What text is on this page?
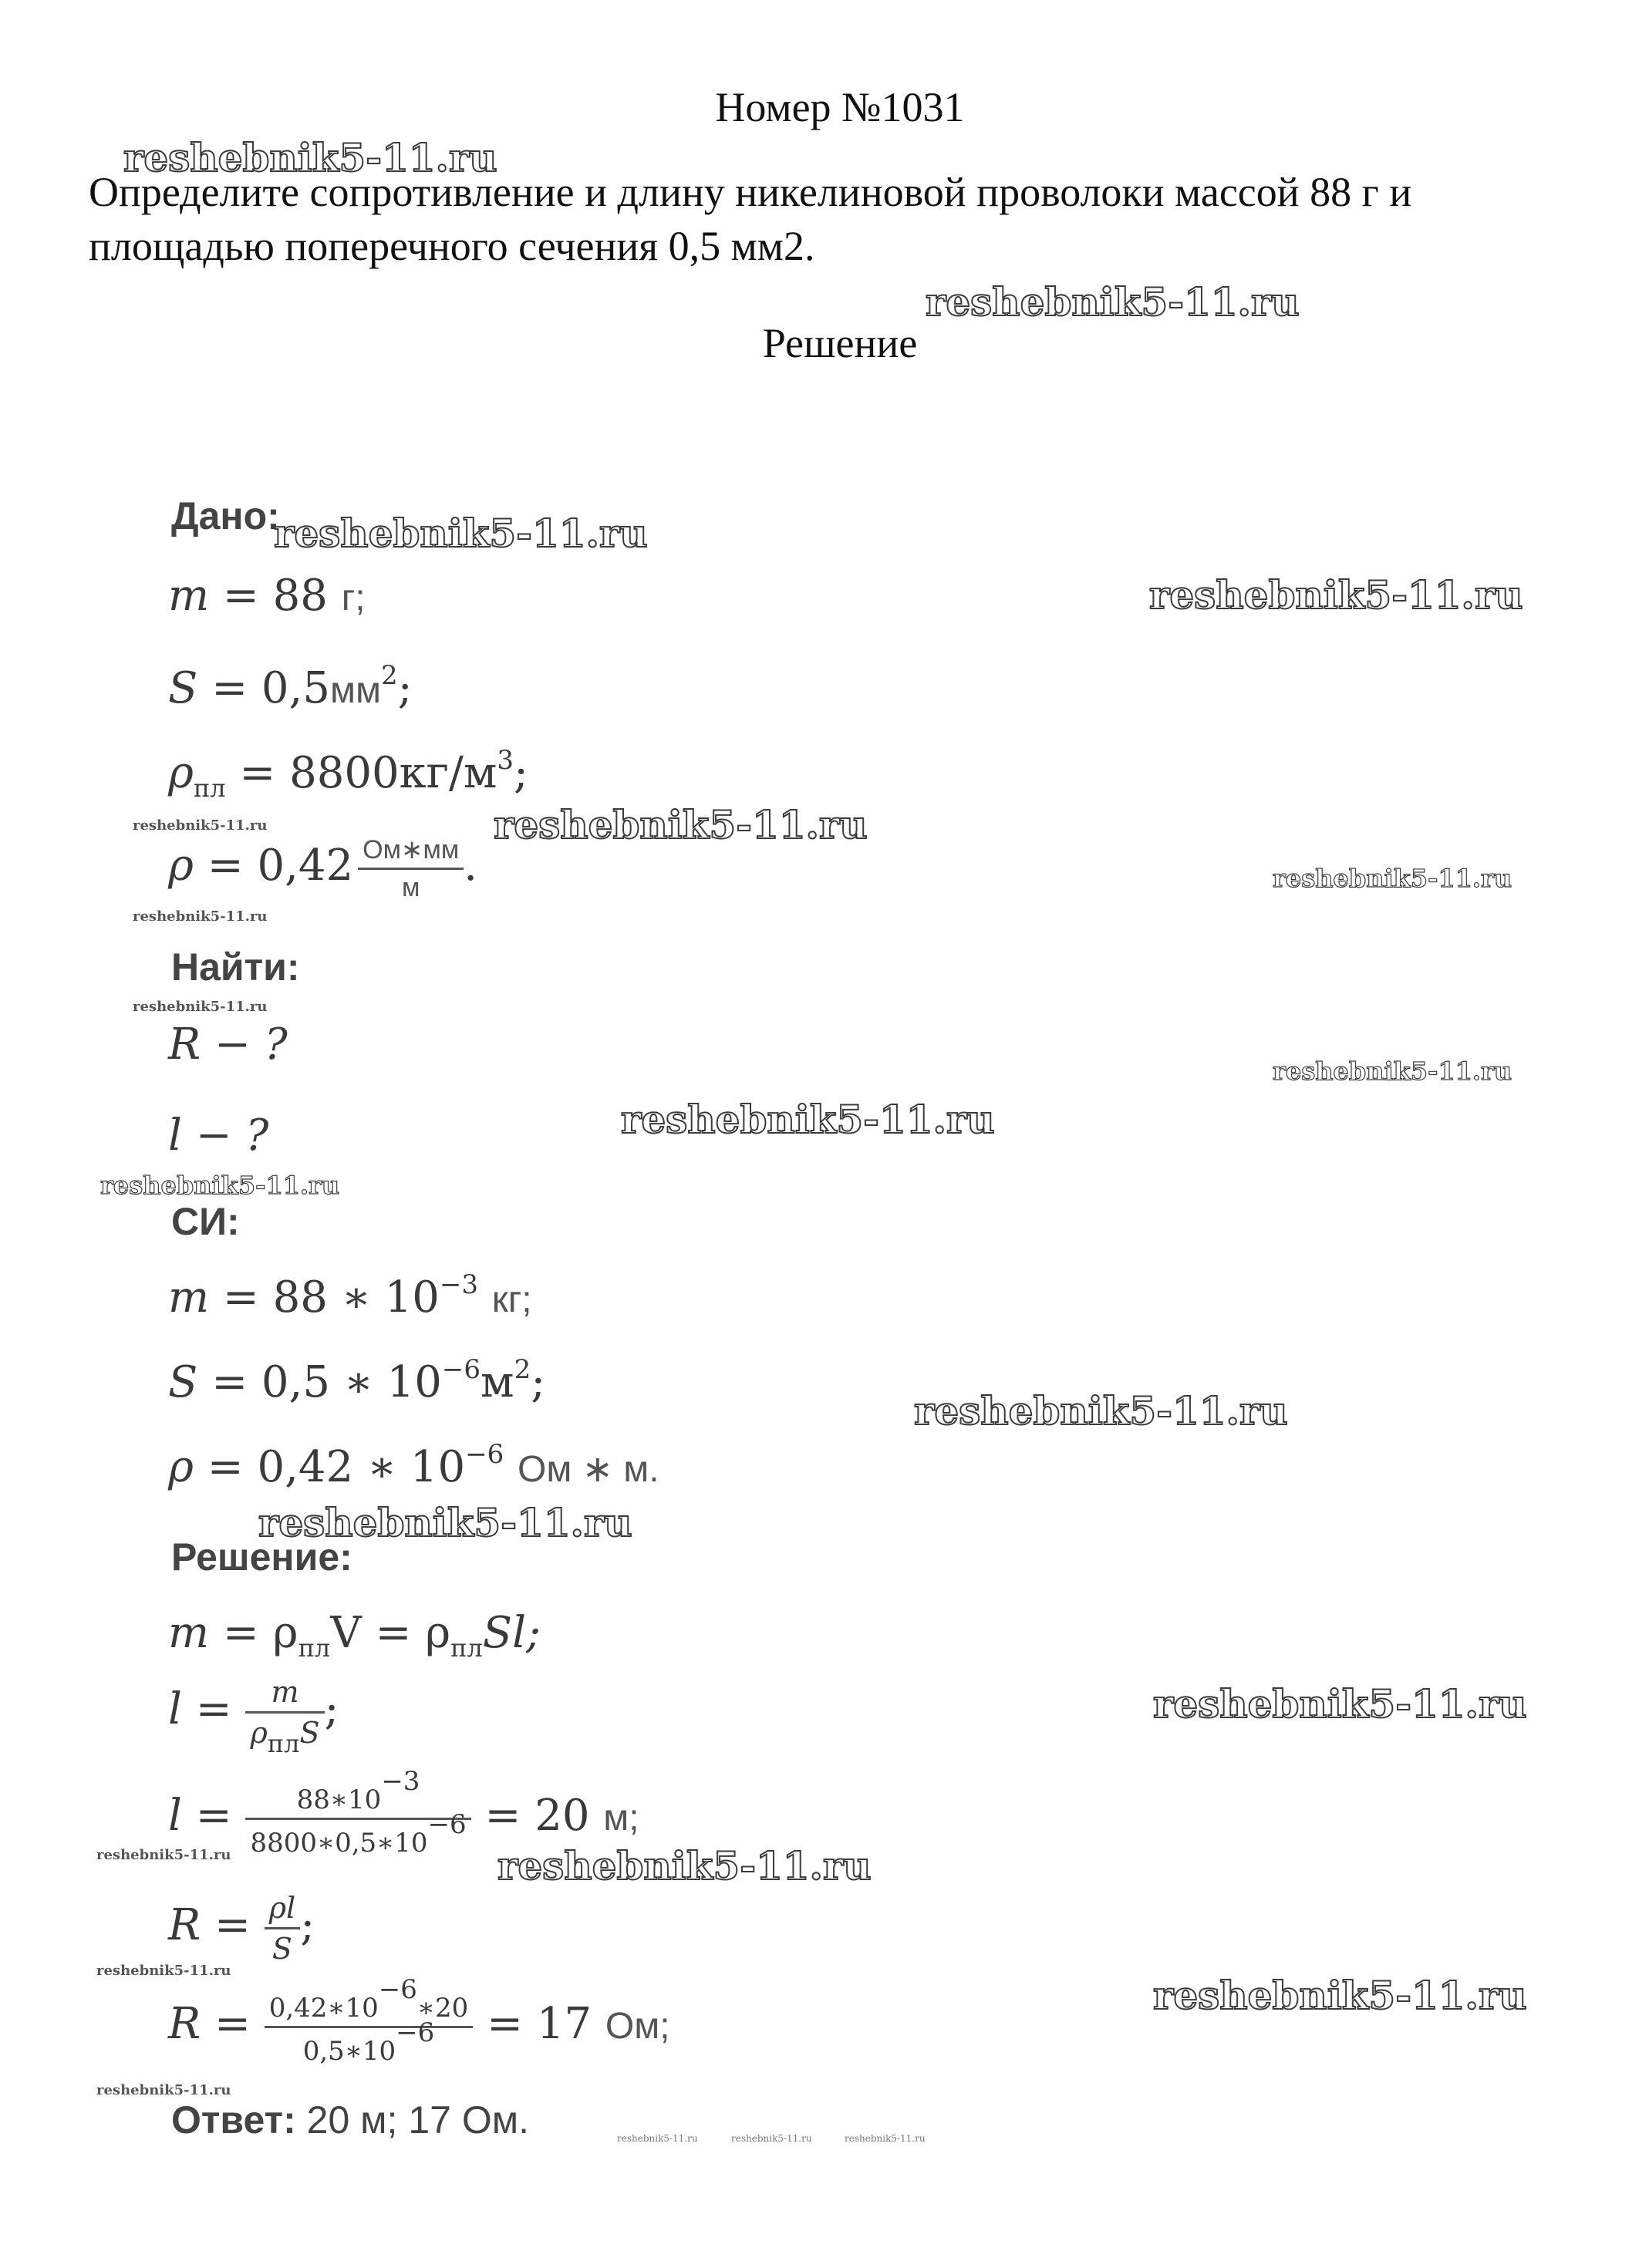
Номер №1031
Определите сопротивление и длину никелиновой проволоки массой 88 г и площадью поперечного сечения 0,5 мм2.
Решение
Дано:
m = 88 г;
$S = 0,5мм^2$;
$\rho_{пл} = 8800кг/м^3$;
$\rho = 0,42 \frac{Ом∗мм}{м}$ .
Найти:
R − ?
l − ?
СИ:
m = 88 ∗ $10^{-3}$ кг;
S = 0,5 ∗ $10^{-6}м^2$;
ρ = 0,42 ∗ $10^{-6}$ Ом ∗ м.
Решение:
$m = \rho_{пл}V = \rho_{пл}Sl$;
$l = \frac{m}{\rho_{пл}S}$ ;
$l = \frac{88∗10^{-3}}{8800∗0,5∗10^{-6}} = 20$ м;
$R = \frac{\rho l}{S}$ ;
$R = \frac{0,42∗10^{-6}∗20}{0,5∗10^{-6}} = 17$ Ом;
Ответ: 20 м; 17 Ом.
reshebnik5-11.ru
reshebnik5-11.ru
reshebnik5-11.ru
reshebnik5-11.ru
reshebnik5-11.ru
reshebnik5-11.ru
reshebnik5-11.ru
reshebnik5-11.ru
reshebnik5-11.ru
reshebnik5-11.ru
reshebnik5-11.ru
reshebnik5-11.ru
reshebnik5-11.ru
reshebnik5-11.ru
reshebnik5-11.ru
reshebnik5-11.ru
reshebnik5-11.ru
reshebnik5-11.ru
reshebnik5-11.ru
reshebnik5-11.ru
reshebnik5-11.ru	reshebnik5-11.ru	reshebnik5-11.ru
